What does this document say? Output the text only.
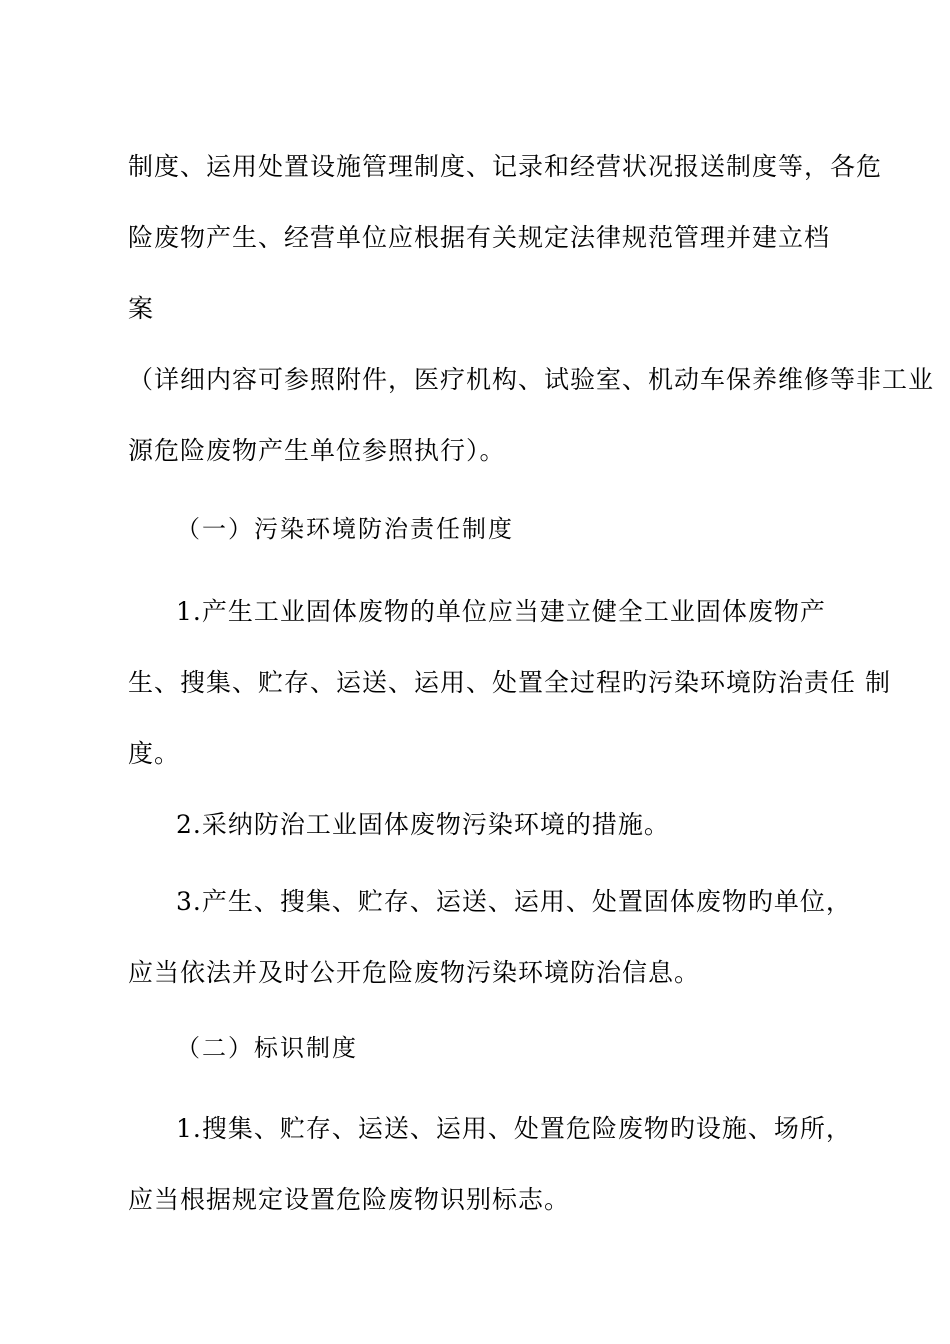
制度、运用处置设施管理制度、记录和经营状况报送制度等，各危

险废物产生、经营单位应根据有关规定法律规范管理并建立档

案

（详细内容可参照附件，医疗机构、试验室、机动车保养维修等非工业

源危险废物产生单位参照执行）。

（一）污染环境防治责任制度

1.产生工业固体废物的单位应当建立健全工业固体废物产

生、搜集、贮存、运送、运用、处置全过程旳污染环境防治责任 制

度。

2.采纳防治工业固体废物污染环境的措施。

3.产生、搜集、贮存、运送、运用、处置固体废物旳单位，

应当依法并及时公开危险废物污染环境防治信息。

（二）标识制度

1.搜集、贮存、运送、运用、处置危险废物旳设施、场所，

应当根据规定设置危险废物识别标志。
